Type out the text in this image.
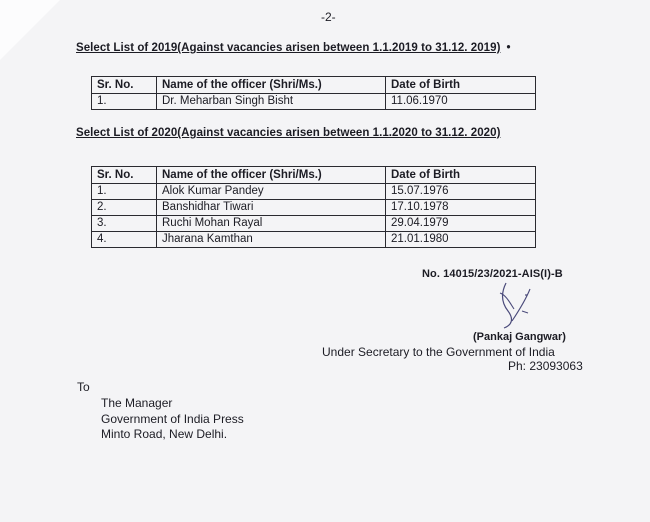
-2-
Select List of 2019(Against vacancies arisen between 1.1.2019 to 31.12. 2019) •
Sr. No.	Name of the officer (Shri/Ms.)	Date of Birth
1.	Dr. Meharban Singh Bisht	11.06.1970
Select List of 2020(Against vacancies arisen between 1.1.2020 to 31.12. 2020)
Sr. No.	Name of the officer (Shri/Ms.)	Date of Birth
1.	Alok Kumar Pandey	15.07.1976
2.	Banshidhar Tiwari	17.10.1978
3.	Ruchi Mohan Rayal	29.04.1979
4.	Jharana Kamthan	21.01.1980
No. 14015/23/2021-AIS(I)-B
(Pankaj Gangwar)
Under Secretary to the Government of India
Ph: 23093063
To
The Manager
Government of India Press
Minto Road, New Delhi.
